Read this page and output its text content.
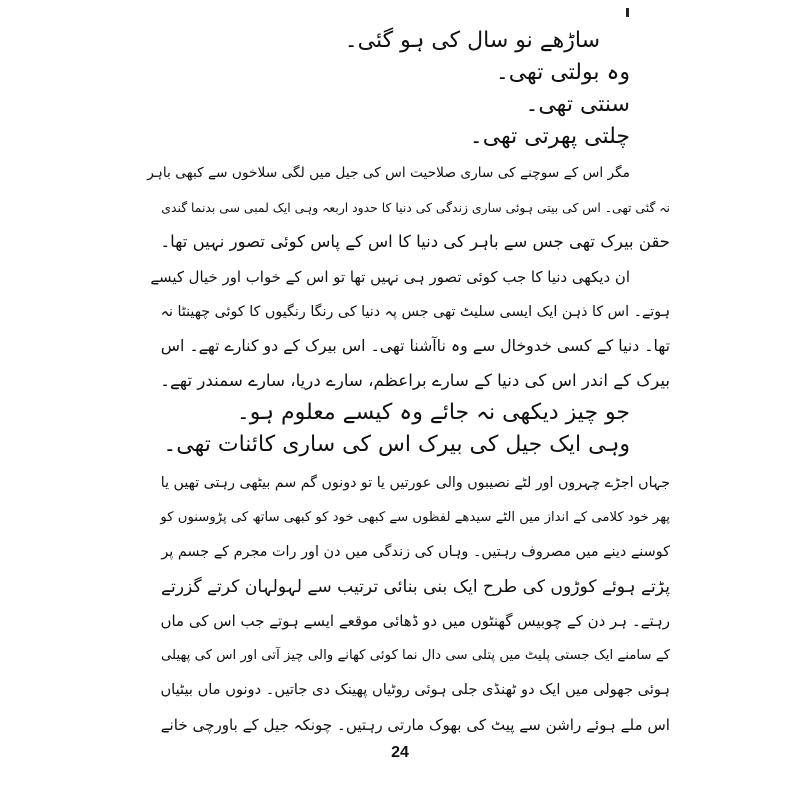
ساڑھے نو سال کی ہو گئی۔
وہ بولتی تھی۔
سنتی تھی۔
چلتی پھرتی تھی۔
مگر اس کے سوچنے کی ساری صلاحیت اس کی جیل میں لگی سلاخوں سے کبھی باہر
نہ گئی تھی۔ اس کی بیتی ہوئی ساری زندگی کی دنیا کا حدود اربعہ وہی ایک لمبی سی بدنما گندی
حقن بیرک تھی جس سے باہر کی دنیا کا اس کے پاس کوئی تصور نہیں تھا۔
ان دیکھی دنیا کا جب کوئی تصور ہی نہیں تھا تو اس کے خواب اور خیال کیسے
ہوتے۔ اس کا ذہن ایک ایسی سلیٹ تھی جس پہ دنیا کی رنگا رنگیوں کا کوئی چھینٹا نہ
تھا۔ دنیا کے کسی خدوخال سے وہ ناآشنا تھی۔ اس بیرک کے دو کنارے تھے۔ اس
بیرک کے اندر اس کی دنیا کے سارے براعظم، سارے دریا، سارے سمندر تھے۔
جو چیز دیکھی نہ جائے وہ کیسے معلوم ہو۔
وہی ایک جیل کی بیرک اس کی ساری کائنات تھی۔
جہاں اجڑے چہروں اور لٹے نصیبوں والی عورتیں یا تو دونوں گم سم بیٹھی رہتی تھیں یا
پھر خود کلامی کے انداز میں الٹے سیدھے لفظوں سے کبھی خود کو کبھی ساتھ کی پڑوسنوں کو
کوسنے دینے میں مصروف رہتیں۔ وہاں کی زندگی میں دن اور رات مجرم کے جسم پر
پڑتے ہوئے کوڑوں کی طرح ایک بنی بنائی ترتیب سے لہولہان کرتے گزرتے
رہتے۔ ہر دن کے چوبیس گھنٹوں میں دو ڈھائی موقعے ایسے ہوتے جب اس کی ماں
کے سامنے ایک جستی پلیٹ میں پتلی سی دال نما کوئی کھانے والی چیز آتی اور اس کی پھیلی
ہوئی جھولی میں ایک دو ٹھنڈی جلی ہوئی روٹیاں پھینک دی جاتیں۔ دونوں ماں بیٹیاں
اس ملے ہوئے راشن سے پیٹ کی بھوک مارتی رہتیں۔ چونکہ جیل کے باورچی خانے
24
